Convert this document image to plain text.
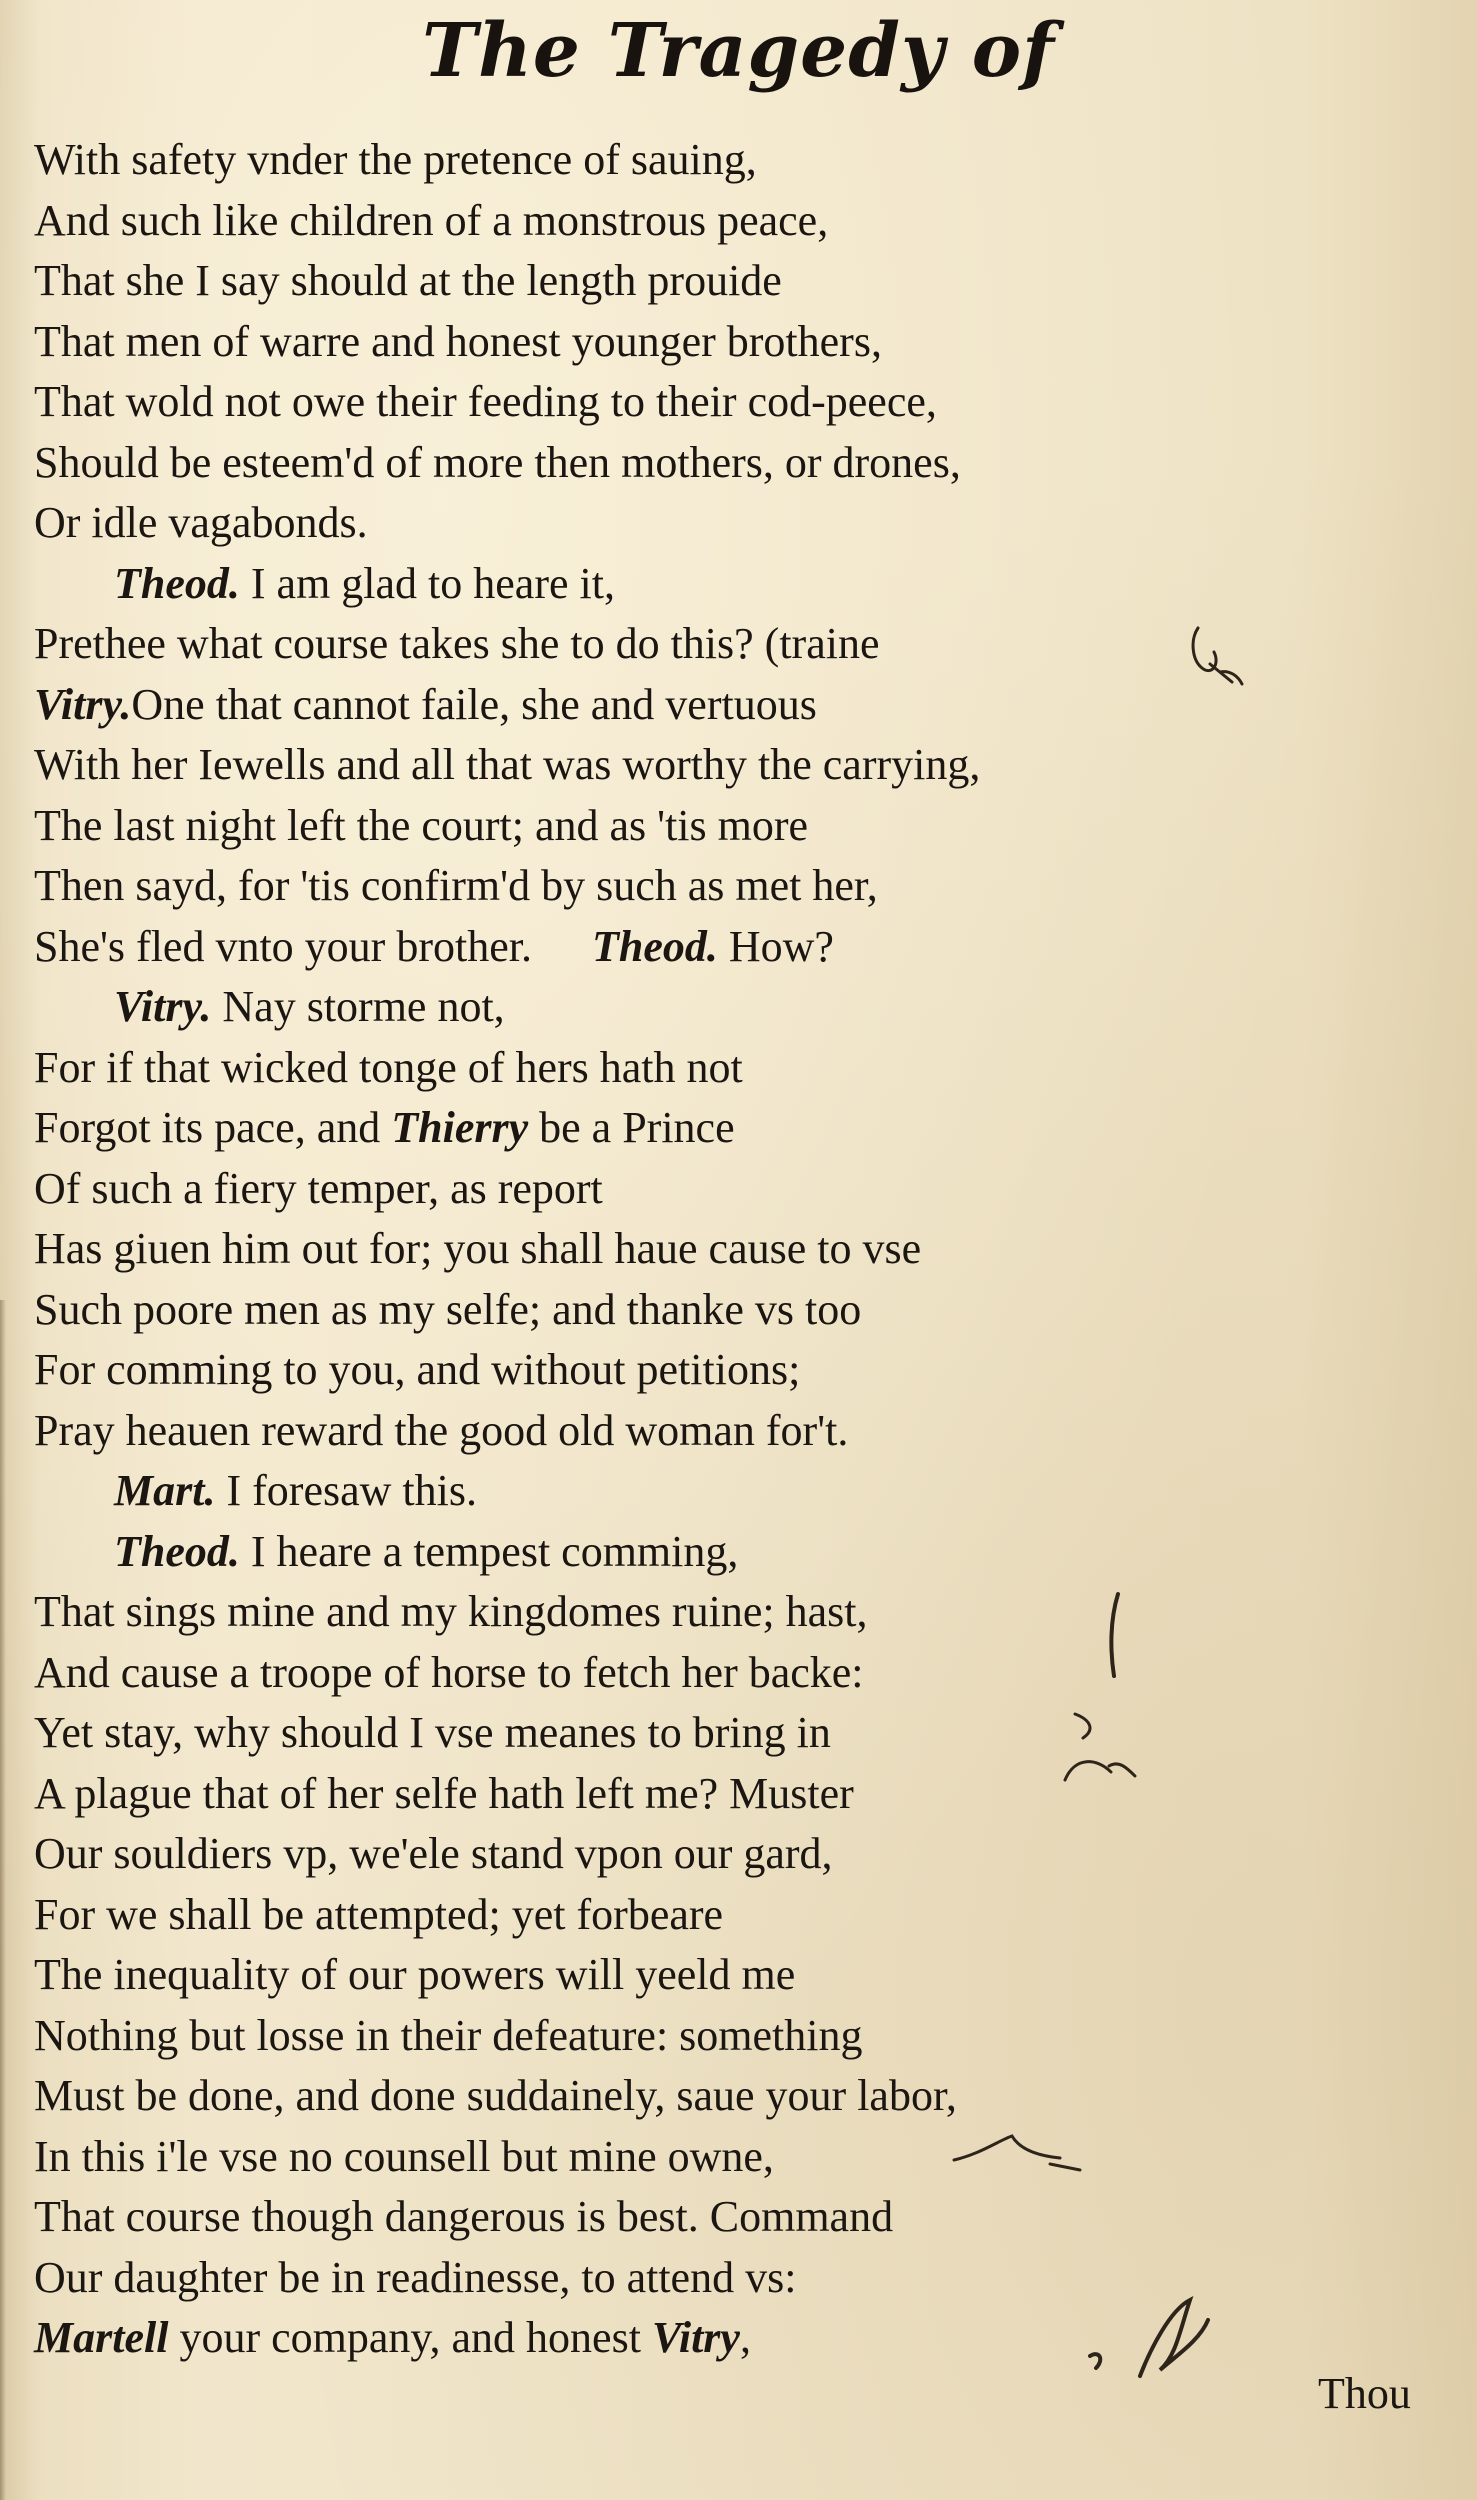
The Tragedy of
With safety vnder the pretence of sauing,
And such like children of a monstrous peace,
That she I say should at the length prouide
That men of warre and honest younger brothers,
That wold not owe their feeding to their cod-peece,
Should be esteem'd of more then mothers, or drones,
Or idle vagabonds.
Theod. I am glad to heare it,
Prethee what course takes she to do this? (traine
Vitry.One that cannot faile, she and vertuous
With her Iewells and all that was worthy the carrying,
The last night left the court; and as 'tis more
Then sayd, for 'tis confirm'd by such as met her,
She's fled vnto your brother. Theod. How?
Vitry. Nay storme not,
For if that wicked tonge of hers hath not
Forgot its pace, and Thierry be a Prince
Of such a fiery temper, as report
Has giuen him out for; you shall haue cause to vse
Such poore men as my selfe; and thanke vs too
For comming to you, and without petitions;
Pray heauen reward the good old woman for't.
Mart. I foresaw this.
Theod. I heare a tempest comming,
That sings mine and my kingdomes ruine; hast,
And cause a troope of horse to fetch her backe:
Yet stay, why should I vse meanes to bring in
A plague that of her selfe hath left me? Muster
Our souldiers vp, we'ele stand vpon our gard,
For we shall be attempted; yet forbeare
The inequality of our powers will yeeld me
Nothing but losse in their defeature: something
Must be done, and done suddainely, saue your labor,
In this i'le vse no counsell but mine owne,
That course though dangerous is best. Command
Our daughter be in readinesse, to attend vs:
Martell your company, and honest Vitry,
Thou
